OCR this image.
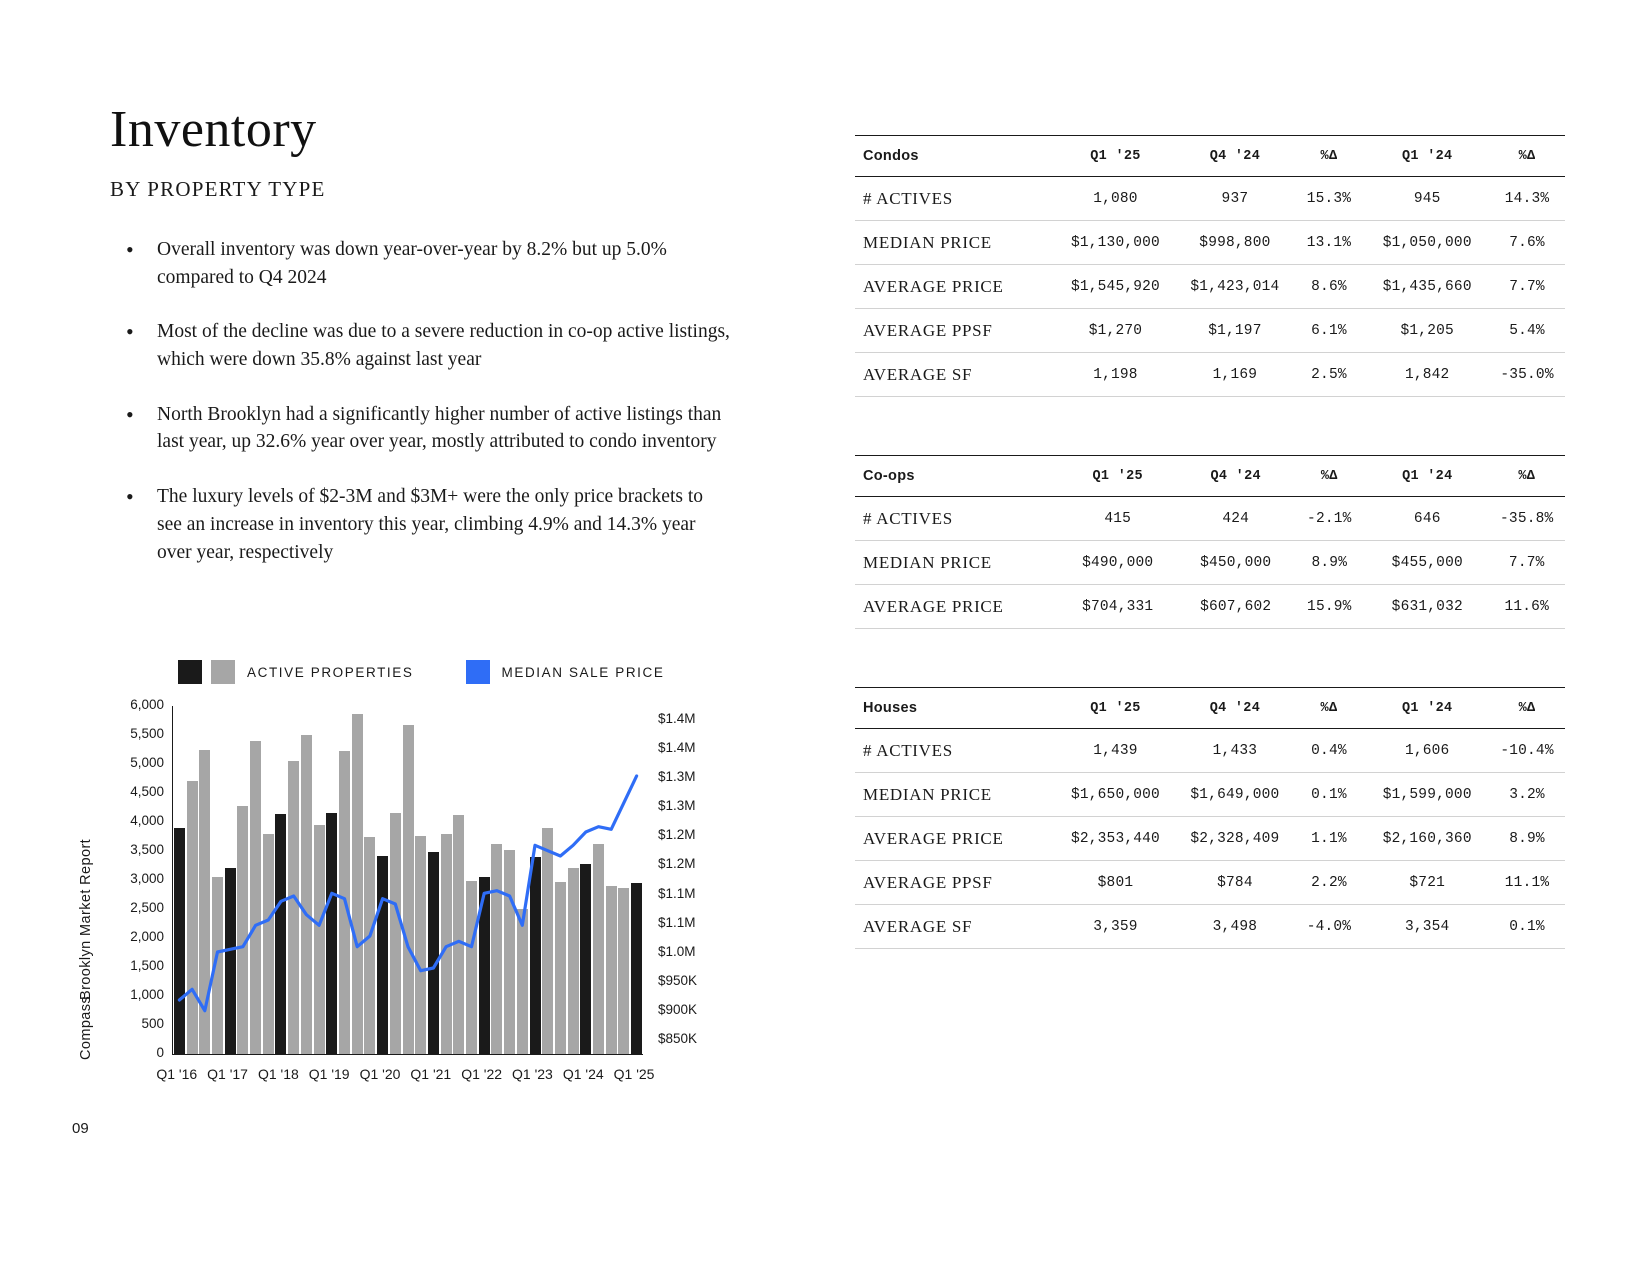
Inventory
BY PROPERTY TYPE
• Overall inventory was down year-over-year by 8.2% but up 5.0% compared to Q4 2024
• Most of the decline was due to a severe reduction in co-op active listings, which were down 35.8% against last year
• North Brooklyn had a significantly higher number of active listings than last year, up 32.6% year over year, mostly attributed to condo inventory
• The luxury levels of $2-3M and $3M+ were the only price brackets to see an increase in inventory this year, climbing 4.9% and 14.3% year over year, respectively
Brooklyn Market Report
Compass
09
ACTIVE PROPERTIES	MEDIAN SALE PRICE
0
500
1,000
1,500
2,000
2,500
3,000
3,500
4,000
4,500
5,000
5,500
6,000
$850K
$900K
$950K
$1.0M
$1.1M
$1.1M
$1.2M
$1.2M
$1.3M
$1.3M
$1.4M
$1.4M
Q1 '16 Q1 '17 Q1 '18 Q1 '19 Q1 '20 Q1 '21 Q1 '22 Q1 '23 Q1 '24 Q1 '25
Condos	Q1 '25	Q4 '24	%Δ	Q1 '24	%Δ
# ACTIVES	1,080	937	15.3%	945	14.3%
MEDIAN PRICE	$1,130,000	$998,800	13.1%	$1,050,000	7.6%
AVERAGE PRICE	$1,545,920	$1,423,014	8.6%	$1,435,660	7.7%
AVERAGE PPSF	$1,270	$1,197	6.1%	$1,205	5.4%
AVERAGE SF	1,198	1,169	2.5%	1,842	-35.0%
Co-ops	Q1 '25	Q4 '24	%Δ	Q1 '24	%Δ
# ACTIVES	415	424	-2.1%	646	-35.8%
MEDIAN PRICE	$490,000	$450,000	8.9%	$455,000	7.7%
AVERAGE PRICE	$704,331	$607,602	15.9%	$631,032	11.6%
Houses	Q1 '25	Q4 '24	%Δ	Q1 '24	%Δ
# ACTIVES	1,439	1,433	0.4%	1,606	-10.4%
MEDIAN PRICE	$1,650,000	$1,649,000	0.1%	$1,599,000	3.2%
AVERAGE PRICE	$2,353,440	$2,328,409	1.1%	$2,160,360	8.9%
AVERAGE PPSF	$801	$784	2.2%	$721	11.1%
AVERAGE SF	3,359	3,498	-4.0%	3,354	0.1%
